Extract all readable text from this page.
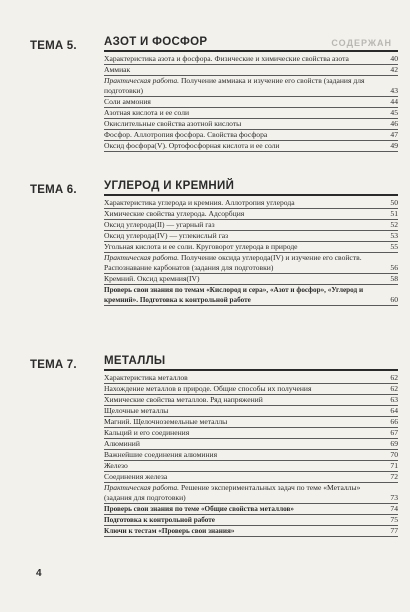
СОДЕРЖАН
ТЕМА 5. АЗОТ И ФОСФОР
Характеристика азота и фосфора. Физические и химические свойства азота	40
Аммиак	42
Практическая работа. Получение аммиака и изучение его свойств (задания для подготовки)	43
Соли аммония	44
Азотная кислота и ее соли	45
Окислительные свойства азотной кислоты	46
Фосфор. Аллотропия фосфора. Свойства фосфора	47
Оксид фосфора(V). Ортофосфорная кислота и ее соли	49
ТЕМА 6. УГЛЕРОД И КРЕМНИЙ
Характеристика углерода и кремния. Аллотропия углерода	50
Химические свойства углерода. Адсорбция	51
Оксид углерода(II) — угарный газ	52
Оксид углерода(IV) — углекислый газ	53
Угольная кислота и ее соли. Круговорот углерода в природе	55
Практическая работа. Получение оксида углерода(IV) и изучение его свойств. Распознавание карбонатов (задания для подготовки)	56
Кремний. Оксид кремния(IV)	58
Проверь свои знания по темам «Кислород и сера», «Азот и фосфор», «Углерод и кремний». Подготовка к контрольной работе	60
ТЕМА 7. МЕТАЛЛЫ
Характеристика металлов	62
Нахождение металлов в природе. Общие способы их получения	62
Химические свойства металлов. Ряд напряжений	63
Щелочные металлы	64
Магний. Щелочноземельные металлы	66
Кальций и его соединения	67
Алюминий	69
Важнейшие соединения алюминия	70
Железо	71
Соединения железа	72
Практическая работа. Решение экспериментальных задач по теме «Металлы» (задания для подготовки)	73
Проверь свои знания по теме «Общие свойства металлов»	74
Подготовка к контрольной работе	75
Ключи к тестам «Проверь свои знания»	77
4
